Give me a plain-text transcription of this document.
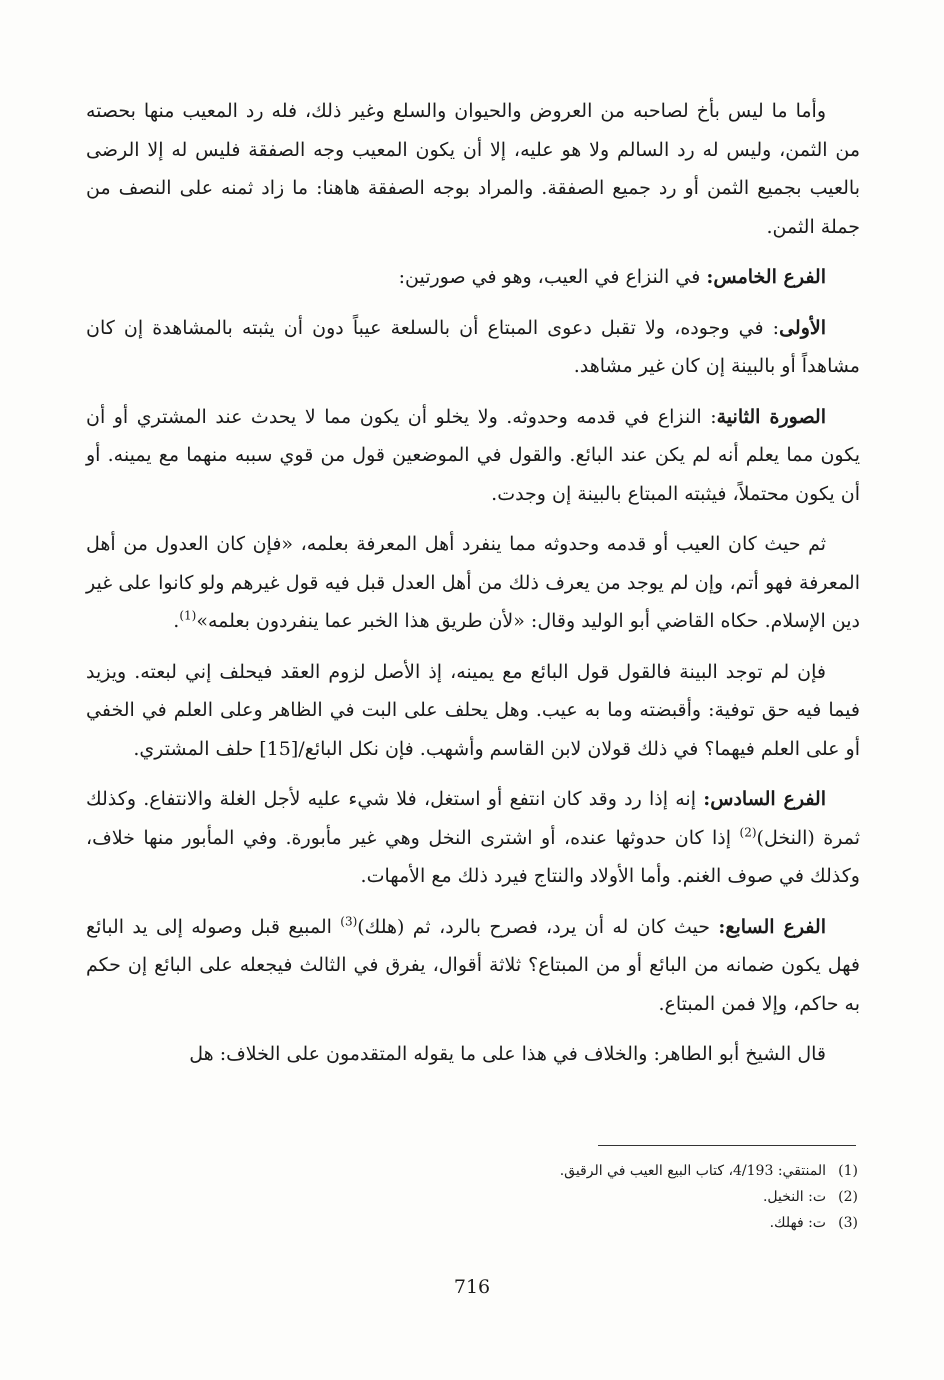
وأما ما ليس بأخ لصاحبه من العروض والحيوان والسلع وغير ذلك، فله رد المعيب منها بحصته من الثمن، وليس له رد السالم ولا هو عليه، إلا أن يكون المعيب وجه الصفقة فليس له إلا الرضى بالعيب بجميع الثمن أو رد جميع الصفقة. والمراد بوجه الصفقة هاهنا: ما زاد ثمنه على النصف من جملة الثمن.

الفرع الخامس: في النزاع في العيب، وهو في صورتين:

الأولى: في وجوده، ولا تقبل دعوى المبتاع أن بالسلعة عيباً دون أن يثبته بالمشاهدة إن كان مشاهداً أو بالبينة إن كان غير مشاهد.

الصورة الثانية: النزاع في قدمه وحدوثه. ولا يخلو أن يكون مما لا يحدث عند المشتري أو أن يكون مما يعلم أنه لم يكن عند البائع. والقول في الموضعين قول من قوي سببه منهما مع يمينه. أو أن يكون محتملاً، فيثبته المبتاع بالبينة إن وجدت.

ثم حيث كان العيب أو قدمه وحدوثه مما ينفرد أهل المعرفة بعلمه، «فإن كان العدول من أهل المعرفة فهو أتم، وإن لم يوجد من يعرف ذلك من أهل العدل قبل فيه قول غيرهم ولو كانوا على غير دين الإسلام. حكاه القاضي أبو الوليد وقال: «لأن طريق هذا الخبر عما ينفردون بعلمه»$^{(1)}$.

فإن لم توجد البينة فالقول قول البائع مع يمينه، إذ الأصل لزوم العقد فيحلف إني لبعته. ويزيد فيما فيه حق توفية: وأقبضته وما به عيب. وهل يحلف على البت في الظاهر وعلى العلم في الخفي أو على العلم فيهما؟ في ذلك قولان لابن القاسم وأشهب. فإن نكل البائع/[15] حلف المشتري.

الفرع السادس: إنه إذا رد وقد كان انتفع أو استغل، فلا شيء عليه لأجل الغلة والانتفاع. وكذلك ثمرة (النخل)$^{(2)}$ إذا كان حدوثها عنده، أو اشترى النخل وهي غير مأبورة. وفي المأبور منها خلاف، وكذلك في صوف الغنم. وأما الأولاد والنتاج فيرد ذلك مع الأمهات.

الفرع السابع: حيث كان له أن يرد، فصرح بالرد، ثم (هلك)$^{(3)}$ المبيع قبل وصوله إلى يد البائع فهل يكون ضمانه من البائع أو من المبتاع؟ ثلاثة أقوال، يفرق في الثالث فيجعله على البائع إن حكم به حاكم، وإلا فمن المبتاع.

قال الشيخ أبو الطاهر: والخلاف في هذا على ما يقوله المتقدمون على الخلاف: هل

(1)
المنتقي: 4/193، كتاب البيع العيب في الرقيق.
(2)
ت: النخيل.
(3)
ت: فهلك.
716
